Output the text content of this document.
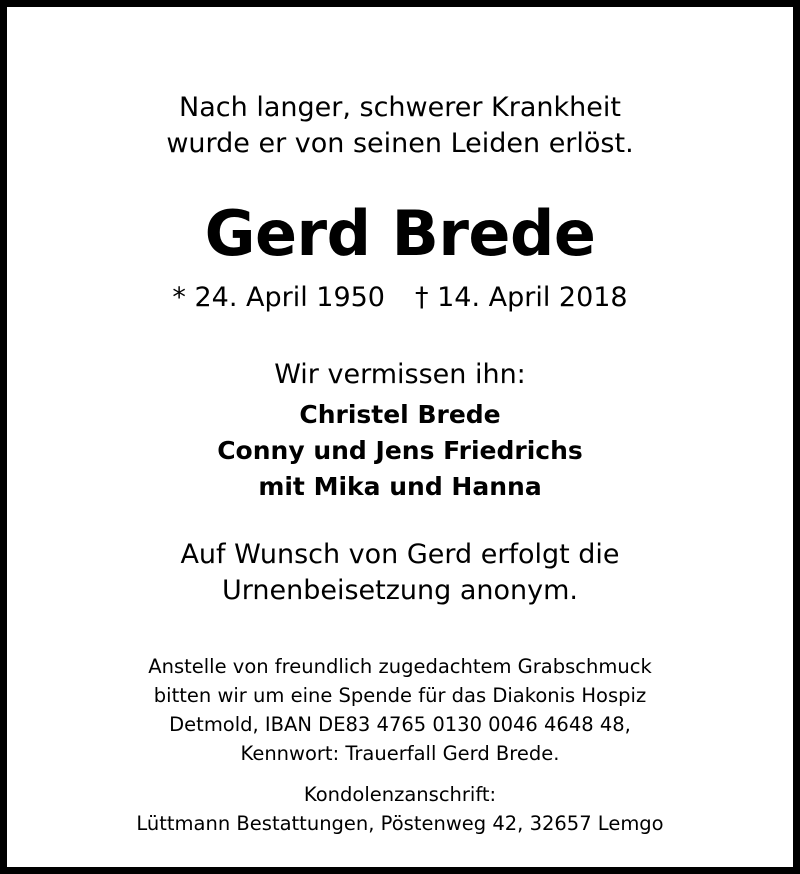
Nach langer, schwerer Krankheit
wurde er von seinen Leiden erlöst.
Gerd Brede
* 24. April 1950 † 14. April 2018
Wir vermissen ihn:
Christel Brede
Conny und Jens Friedrichs
mit Mika und Hanna
Auf Wunsch von Gerd erfolgt die
Urnenbeisetzung anonym.
Anstelle von freundlich zugedachtem Grabschmuck
bitten wir um eine Spende für das Diakonis Hospiz
Detmold, IBAN DE83 4765 0130 0046 4648 48,
Kennwort: Trauerfall Gerd Brede.
Kondolenzanschrift:
Lüttmann Bestattungen, Pöstenweg 42, 32657 Lemgo
